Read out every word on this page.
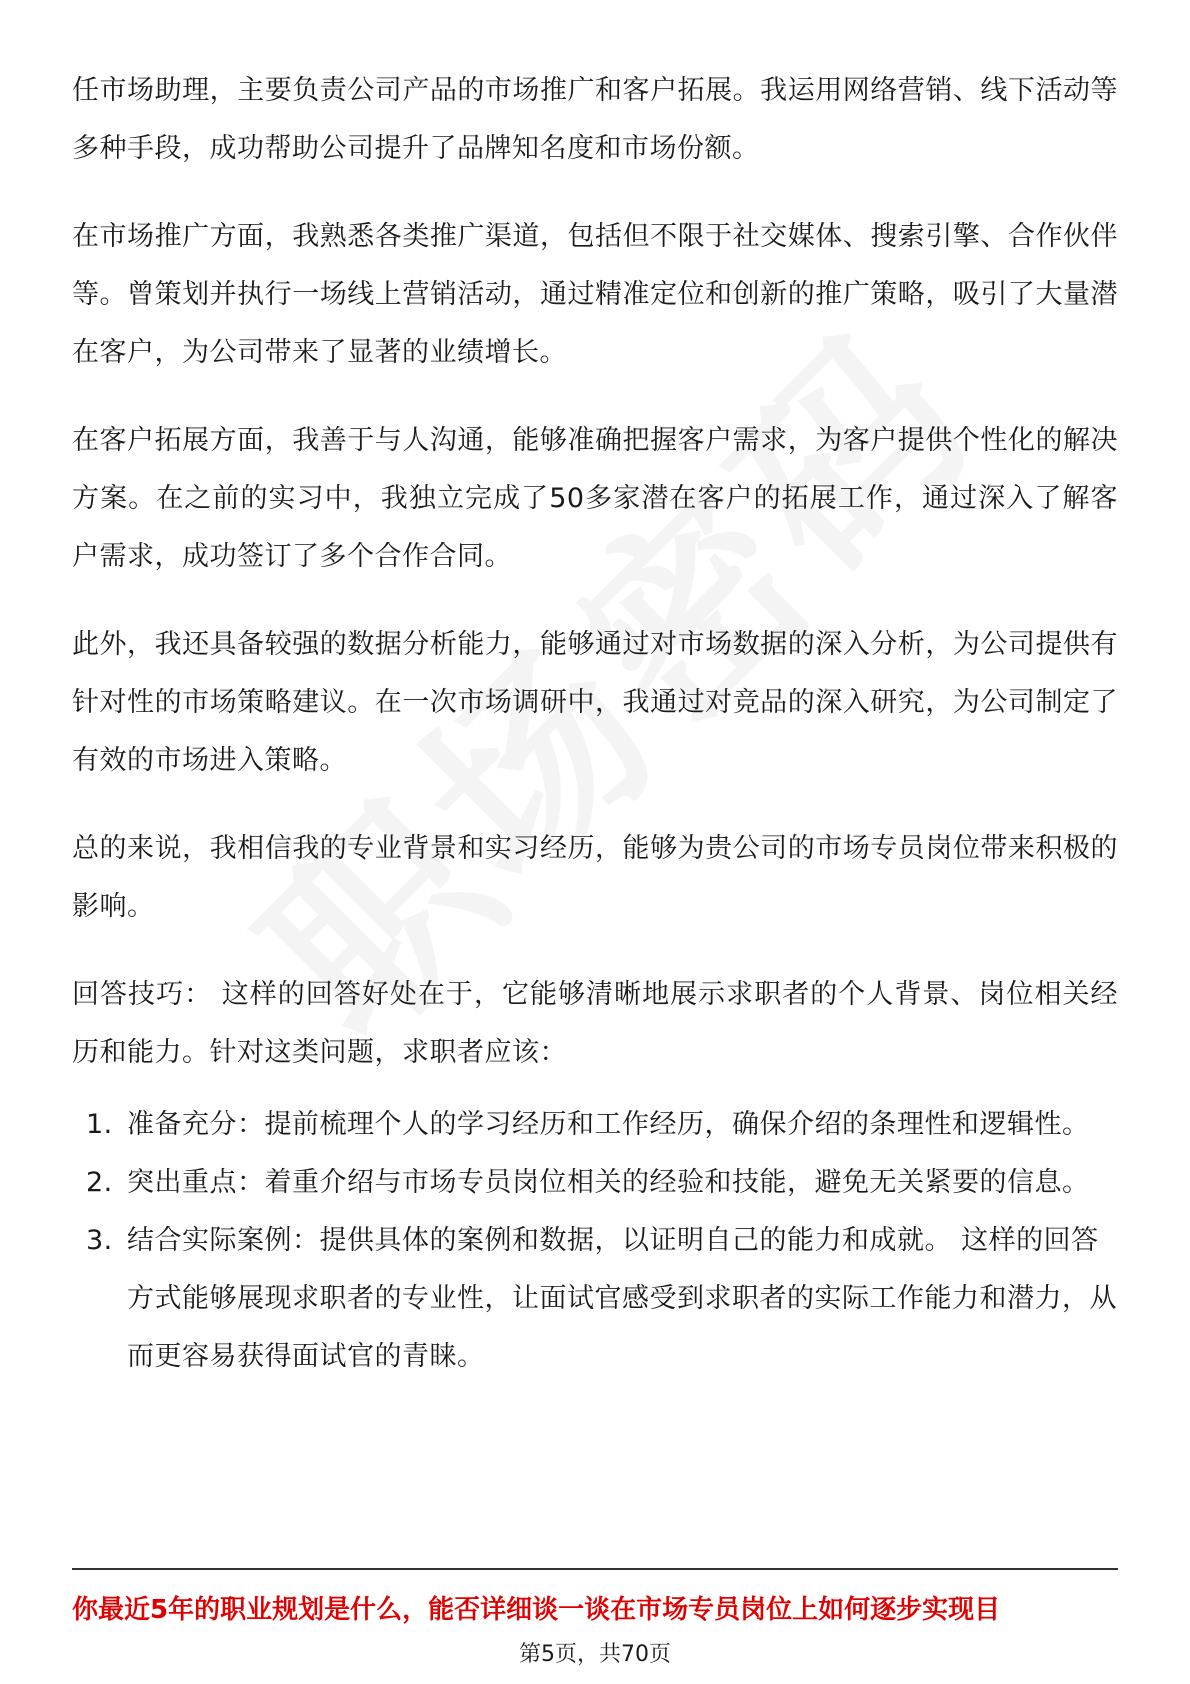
任市场助理，主要负责公司产品的市场推广和客户拓展。我运用网络营销、线下活动等多种手段，成功帮助公司提升了品牌知名度和市场份额。

在市场推广方面，我熟悉各类推广渠道，包括但不限于社交媒体、搜索引擎、合作伙伴等。曾策划并执行一场线上营销活动，通过精准定位和创新的推广策略，吸引了大量潜在客户，为公司带来了显著的业绩增长。

在客户拓展方面，我善于与人沟通，能够准确把握客户需求，为客户提供个性化的解决方案。在之前的实习中，我独立完成了50多家潜在客户的拓展工作，通过深入了解客户需求，成功签订了多个合作合同。

此外，我还具备较强的数据分析能力，能够通过对市场数据的深入分析，为公司提供有针对性的市场策略建议。在一次市场调研中，我通过对竞品的深入研究，为公司制定了有效的市场进入策略。

总的来说，我相信我的专业背景和实习经历，能够为贵公司的市场专员岗位带来积极的影响。

回答技巧： 这样的回答好处在于，它能够清晰地展示求职者的个人背景、岗位相关经历和能力。针对这类问题，求职者应该：

1. 准备充分：提前梳理个人的学习经历和工作经历，确保介绍的条理性和逻辑性。
2. 突出重点：着重介绍与市场专员岗位相关的经验和技能，避免无关紧要的信息。
3. 结合实际案例：提供具体的案例和数据，以证明自己的能力和成就。 这样的回答方式能够展现求职者的专业性，让面试官感受到求职者的实际工作能力和潜力，从而更容易获得面试官的青睐。
你最近5年的职业规划是什么，能否详细谈一谈在市场专员岗位上如何逐步实现目
第5页，共70页
